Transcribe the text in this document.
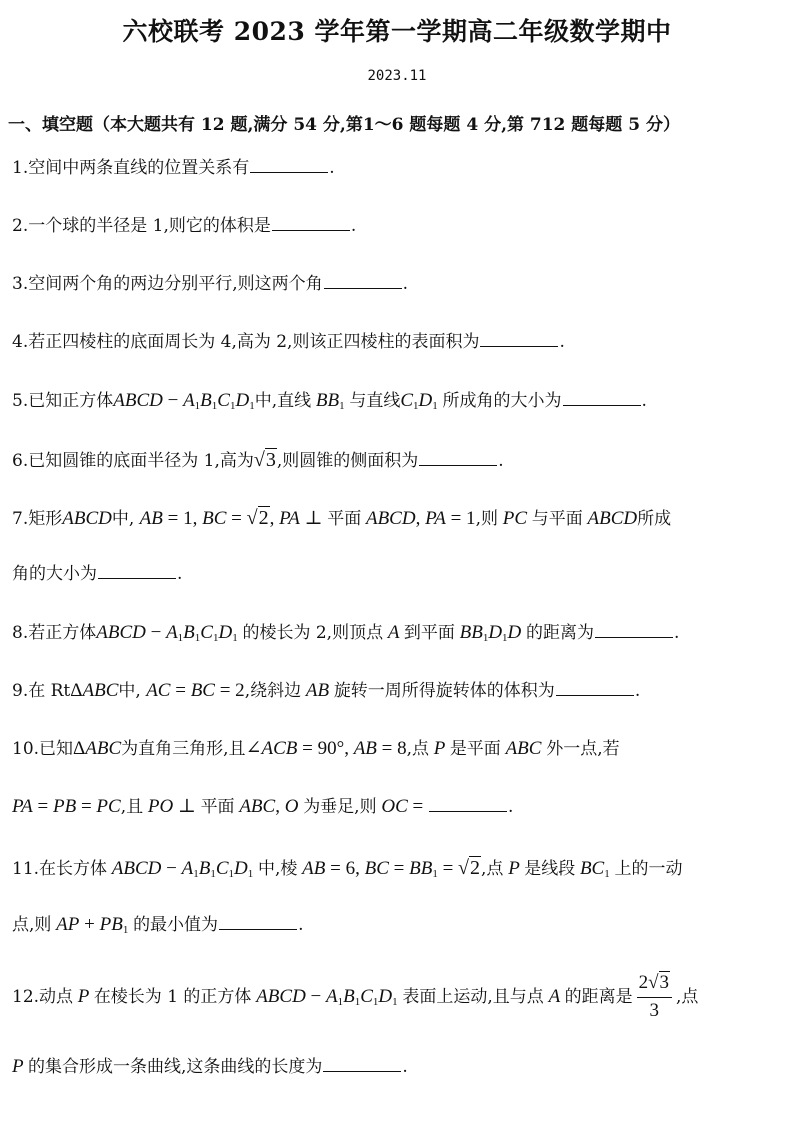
六校联考 2023 学年第一学期高二年级数学期中
2023.11
一、填空题（本大题共有 12 题,满分 54 分,第1～6 题每题 4 分,第 712 题每题 5 分）
1.空间中两条直线的位置关系有	.
2.一个球的半径是 1,则它的体积是	.
3.空间两个角的两边分别平行,则这两个角	.
4.若正四棱柱的底面周长为 4,高为 2,则该正四棱柱的表面积为	.
5.已知正方体ABCD − $A_1B_1C_1D_1$中,直线 $BB_1$ 与直线$C_1D_1$ 所成角的大小为	.
6.已知圆锥的底面半径为 1,高为√3,则圆锥的侧面积为	.
7.矩形ABCD中, AB = 1, BC = √2, PA ⊥ 平面 ABCD, PA = 1,则 PC 与平面 ABCD所成
角的大小为	.
8.若正方体ABCD − $A_1B_1C_1D_1$ 的棱长为 2,则顶点 A 到平面 $BB_1D_1D$ 的距离为	.
9.在 RtΔABC中, AC = BC = 2,绕斜边 AB 旋转一周所得旋转体的体积为	.
10.已知ΔABC为直角三角形,且∠ACB = 90°, AB = 8,点 P 是平面 ABC 外一点,若
PA = PB = PC,且 PO ⊥ 平面 ABC, O 为垂足,则 OC =	.
11.在长方体 ABCD − $A_1B_1C_1D_1$ 中,棱 AB = 6, BC = $BB_1 = √2$,点 P 是线段 $BC_1$ 上的一动
点,则 AP + $PB_1$ 的最小值为	.
12.动点 P 在棱长为 1 的正方体 ABCD − $A_1B_1C_1D_1$ 表面上运动,且与点 A 的距离是 $\frac{2√3}{3}$ ,点
P 的集合形成一条曲线,这条曲线的长度为	.
